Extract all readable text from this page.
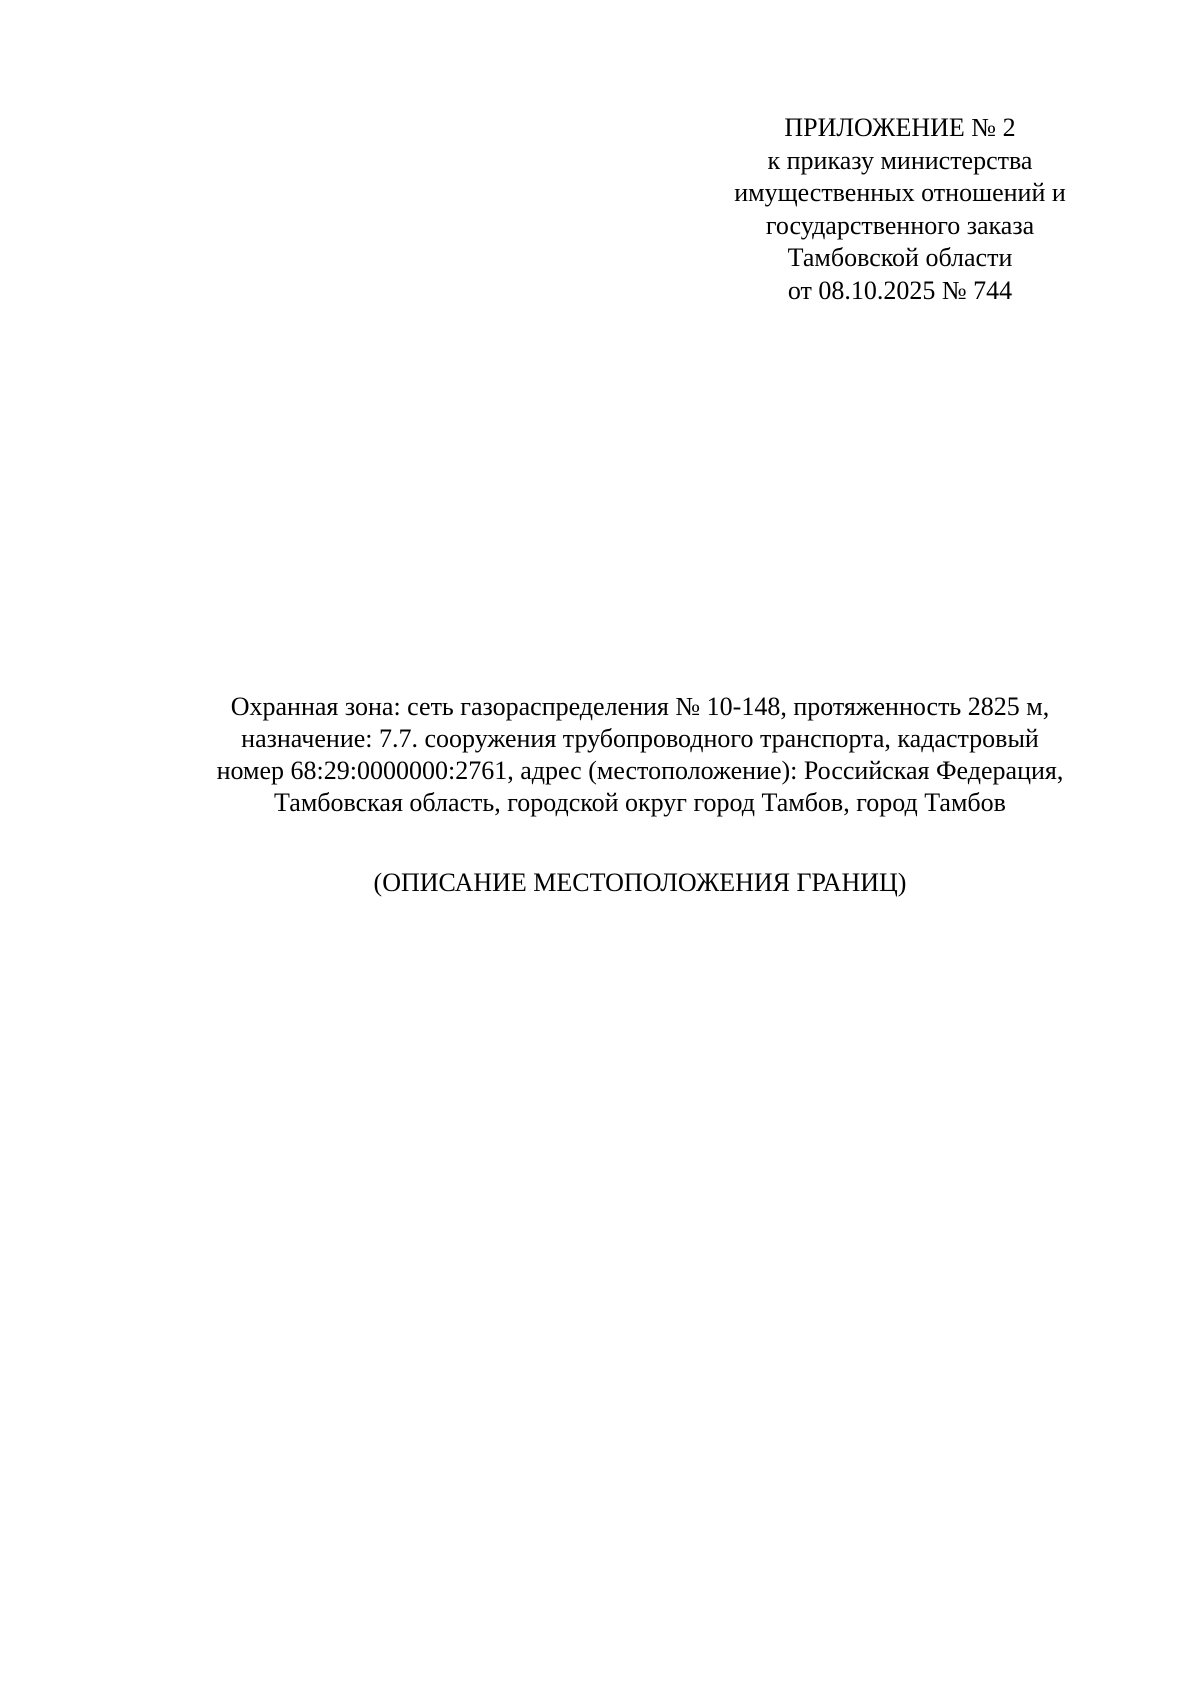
ПРИЛОЖЕНИЕ № 2
к приказу министерства
имущественных отношений и
государственного заказа
Тамбовской области
от 08.10.2025 № 744
Охранная зона: сеть газораспределения № 10-148, протяженность 2825 м,
назначение: 7.7. сооружения трубопроводного транспорта, кадастровый
номер 68:29:0000000:2761, адрес (местоположение): Российская Федерация,
Тамбовская область, городской округ город Тамбов, город Тамбов
(ОПИСАНИЕ МЕСТОПОЛОЖЕНИЯ ГРАНИЦ)
